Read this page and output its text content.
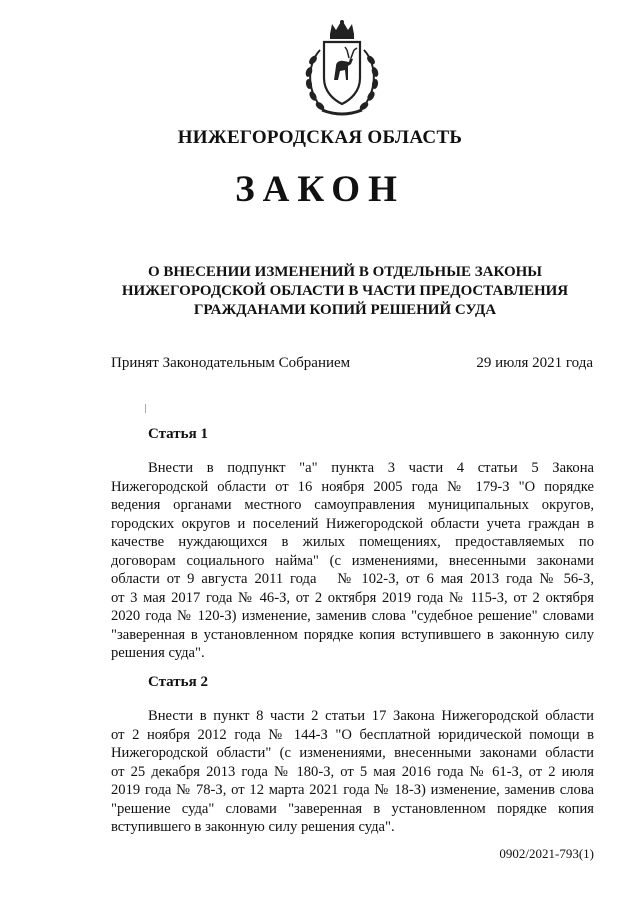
НИЖЕГОРОДСКАЯ ОБЛАСТЬ
ЗАКОН
О ВНЕСЕНИИ ИЗМЕНЕНИЙ В ОТДЕЛЬНЫЕ ЗАКОНЫ
НИЖЕГОРОДСКОЙ ОБЛАСТИ В ЧАСТИ ПРЕДОСТАВЛЕНИЯ
ГРАЖДАНАМИ КОПИЙ РЕШЕНИЙ СУДА
Принят Законодательным Собранием	29 июля 2021 года
Статья 1
Внести в подпункт "а" пункта 3 части 4 статьи 5 Закона
Нижегородской области от 16 ноября 2005 года № 179-З "О порядке
ведения органами местного самоуправления муниципальных округов,
городских округов и поселений Нижегородской области учета граждан в
качестве нуждающихся в жилых помещениях, предоставляемых по
договорам социального найма" (с изменениями, внесенными законами
области от 9 августа 2011 года   № 102-З, от 6 мая 2013 года № 56-З,
от 3 мая 2017 года № 46-З, от 2 октября 2019 года № 115-З, от 2 октября
2020 года № 120-З) изменение, заменив слова "судебное решение" словами
"заверенная в установленном порядке копия вступившего в законную силу
решения суда".
Статья 2
Внести в пункт 8 части 2 статьи 17 Закона Нижегородской области
от 2 ноября 2012 года № 144-З "О бесплатной юридической помощи в
Нижегородской области" (с изменениями, внесенными законами области
от 25 декабря 2013 года № 180-З, от 5 мая 2016 года № 61-З, от 2 июля
2019 года № 78-З, от 12 марта 2021 года № 18-З) изменение, заменив слова
"решение суда" словами "заверенная в установленном порядке копия
вступившего в законную силу решения суда".
0902/2021-793(1)
